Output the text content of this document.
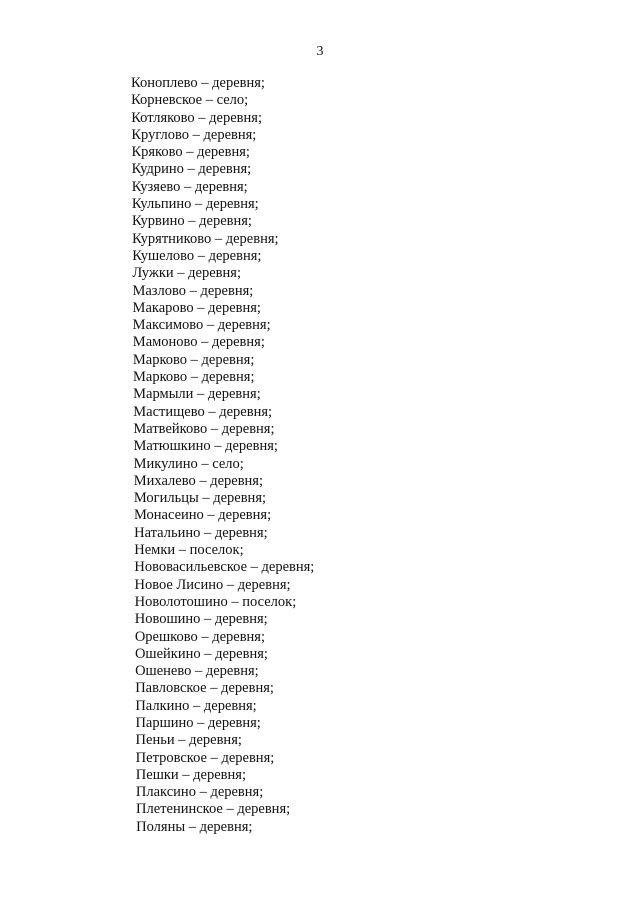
3
Коноплево – деревня;
Корневское – село;
Котляково – деревня;
Круглово – деревня;
Кряково – деревня;
Кудрино – деревня;
Кузяево – деревня;
Кульпино – деревня;
Курвино – деревня;
Курятниково – деревня;
Кушелово – деревня;
Лужки – деревня;
Мазлово – деревня;
Макарово – деревня;
Максимово – деревня;
Мамоново – деревня;
Марково – деревня;
Марково – деревня;
Мармыли – деревня;
Мастищево – деревня;
Матвейково – деревня;
Матюшкино – деревня;
Микулино – село;
Михалево – деревня;
Могильцы – деревня;
Монасеино – деревня;
Натальино – деревня;
Немки – поселок;
Нововасильевское – деревня;
Новое Лисино – деревня;
Новолотошино – поселок;
Новошино – деревня;
Орешково – деревня;
Ошейкино – деревня;
Ошенево – деревня;
Павловское – деревня;
Палкино – деревня;
Паршино – деревня;
Пеньи – деревня;
Петровское – деревня;
Пешки – деревня;
Плаксино – деревня;
Плетенинское – деревня;
Поляны – деревня;
